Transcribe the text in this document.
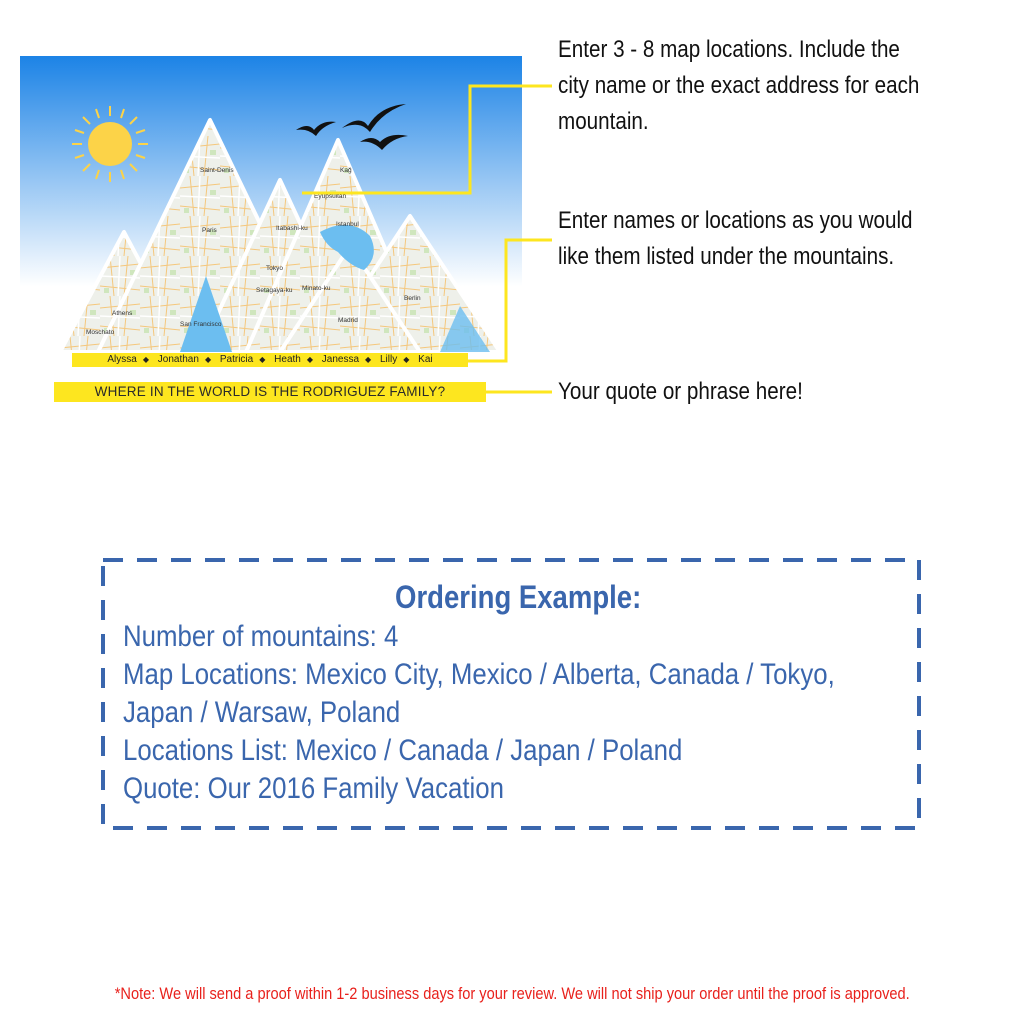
Saint-Denis
Paris
Moschato
Athens
San Francisco
Tokyo
Setagaya-ku Minato-ku
Istanbul
Madrid
Berlin
Kağ
Eyüpsultan
Itabashi-ku
Alyssa ◆ Jonathan ◆ Patricia ◆ Heath ◆ Janessa ◆ Lilly ◆ Kai
WHERE IN THE WORLD IS THE RODRIGUEZ FAMILY?
Enter 3 - 8 map locations. Include the
city name or the exact address for each
mountain.
Enter names or locations as you would
like them listed under the mountains.
Your quote or phrase here!
Ordering Example:
Number of mountains: 4
Map Locations: Mexico City, Mexico / Alberta, Canada / Tokyo,
Japan / Warsaw, Poland
Locations List: Mexico / Canada / Japan / Poland
Quote: Our 2016 Family Vacation
*Note: We will send a proof within 1-2 business days for your review. We will not ship your order until the proof is approved.
